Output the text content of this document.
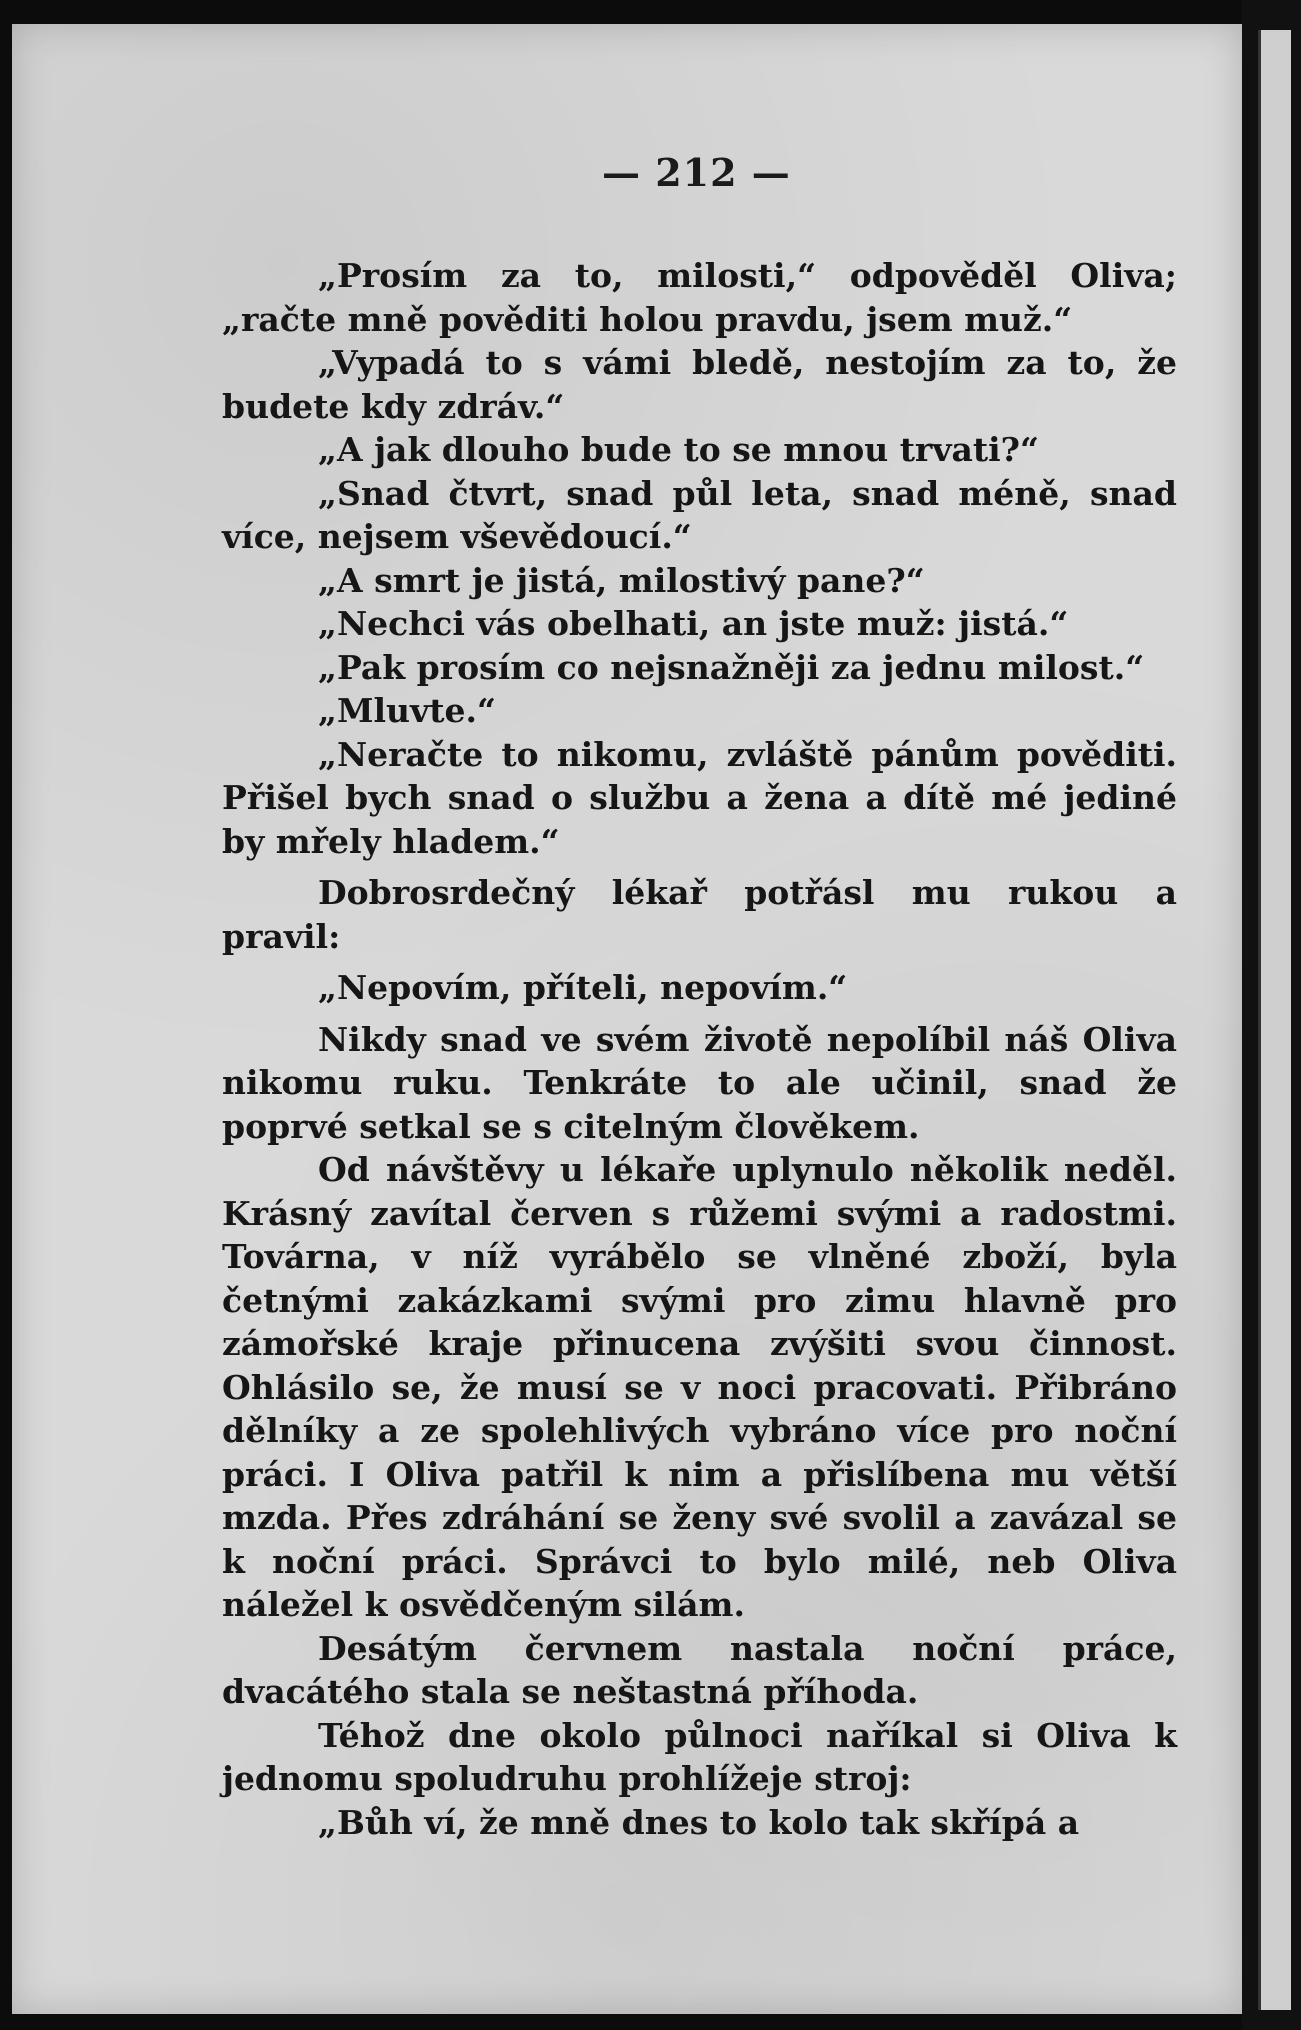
— 212 —

„Prosím za to, milosti,“ odpověděl Oliva; „račte mně pověditi holou pravdu, jsem muž.“

„Vypadá to s vámi bledě, nestojím za to, že budete kdy zdráv.“

„A jak dlouho bude to se mnou trvati?“

„Snad čtvrt, snad půl leta, snad méně, snad více, nejsem vševědoucí.“

„A smrt je jistá, milostivý pane?“

„Nechci vás obelhati, an jste muž: jistá.“

„Pak prosím co nejsnažněji za jednu milost.“

„Mluvte.“

„Neračte to nikomu, zvláště pánům pověditi. Přišel bych snad o službu a žena a dítě mé jediné by mřely hladem.“

Dobrosrdečný lékař potřásl mu rukou a pravil:

„Nepovím, příteli, nepovím.“

Nikdy snad ve svém životě nepolíbil náš Oliva nikomu ruku. Tenkráte to ale učinil, snad že poprvé setkal se s citelným člověkem.

Od návštěvy u lékaře uplynulo několik neděl. Krásný zavítal červen s růžemi svými a radostmi. Továrna, v níž vyrábělo se vlněné zboží, byla četnými zakázkami svými pro zimu hlavně pro zámořské kraje přinucena zvýšiti svou činnost. Ohlásilo se, že musí se v noci pracovati. Přibráno dělníky a ze spolehlivých vybráno více pro noční práci. I Oliva patřil k nim a přislíbena mu větší mzda. Přes zdráhání se ženy své svolil a zavázal se k noční práci. Správci to bylo milé, neb Oliva náležel k osvědčeným silám.

Desátým červnem nastala noční práce, dvacátého stala se neštastná příhoda.

Téhož dne okolo půlnoci naříkal si Oliva k jednomu spoludruhu prohlížeje stroj:

„Bůh ví, že mně dnes to kolo tak skřípá a
